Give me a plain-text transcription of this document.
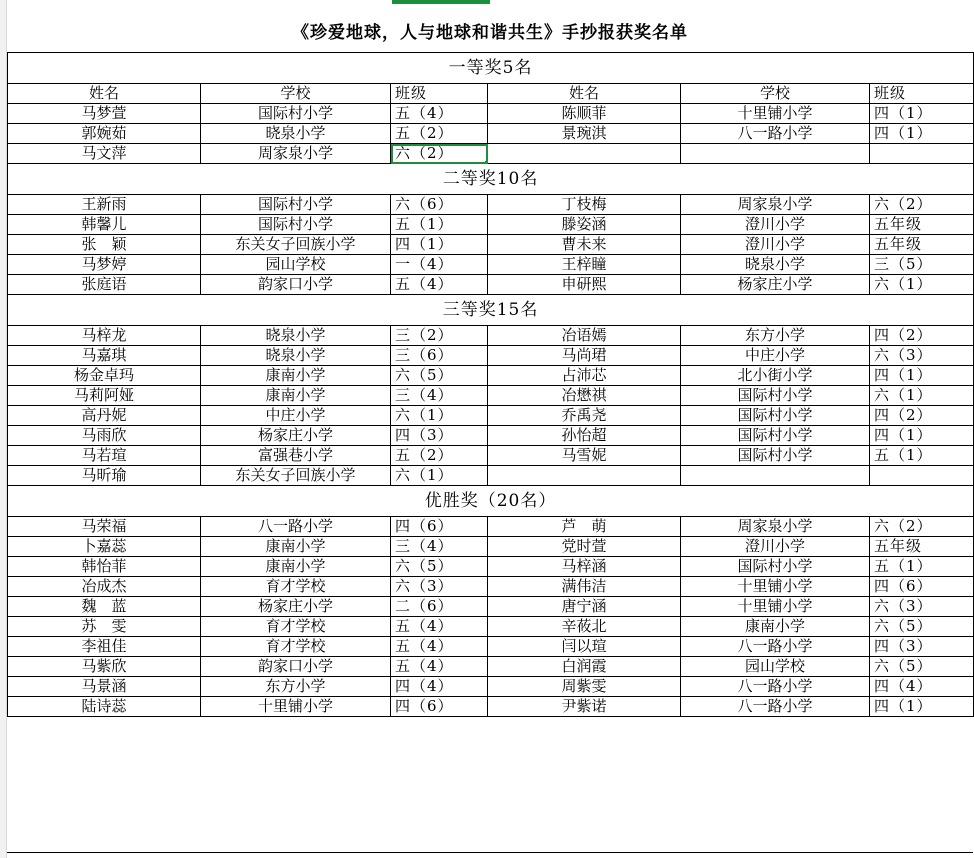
《珍爱地球，人与地球和谐共生》手抄报获奖名单
一等奖5名					
姓名	学校	班级	姓名	学校	班级
马梦萱	国际村小学	五（4）	陈顺菲	十里铺小学	四（1）
郭婉茹	晓泉小学	五（2）	景琬淇	八一路小学	四（1）
马文萍	周家泉小学	六（2）

二等奖10名					
王新雨	国际村小学	六（6）	丁枝梅	周家泉小学	六（2）
韩馨儿	国际村小学	五（1）	滕姿涵	澄川小学	五年级
张　颖	东关女子回族小学	四（1）	曹未来	澄川小学	五年级
马梦婷	园山学校	一（4）	王梓瞳	晓泉小学	三（5）
张庭语	韵家口小学	五（4）	申研熙	杨家庄小学	六（1）
三等奖15名					
马梓龙	晓泉小学	三（2）	冶语嫣	东方小学	四（2）
马嘉琪	晓泉小学	三（6）	马尚珺	中庄小学	六（3）
杨金卓玛	康南小学	六（5）	占沛芯	北小街小学	四（1）
马莉阿娅	康南小学	三（4）	冶懋祺	国际村小学	六（1）
高丹妮	中庄小学	六（1）	乔禹尧	国际村小学	四（2）
马雨欣	杨家庄小学	四（3）	孙怡超	国际村小学	四（1）
马若瑄	富强巷小学	五（2）	马雪妮	国际村小学	五（1）
马昕瑜	东关女子回族小学	六（1）			
优胜奖（20名）					
马荣福	八一路小学	四（6）	芦　萌	周家泉小学	六（2）
卜嘉蕊	康南小学	三（4）	党时萱	澄川小学	五年级
韩怡菲	康南小学	六（5）	马梓涵	国际村小学	五（1）
冶成杰	育才学校	六（3）	满伟洁	十里铺小学	四（6）
魏　蓝	杨家庄小学	二（6）	唐宁涵	十里铺小学	六（3）
苏　雯	育才学校	五（4）	辛莜北	康南小学	六（5）
李祖佳	育才学校	五（4）	闫以瑄	八一路小学	四（3）
马紫欣	韵家口小学	五（4）	白润霞	园山学校	六（5）
马景涵	东方小学	四（4）	周紫雯	八一路小学	四（4）
陆诗蕊	十里铺小学	四（6）	尹紫诺	八一路小学	四（1）
